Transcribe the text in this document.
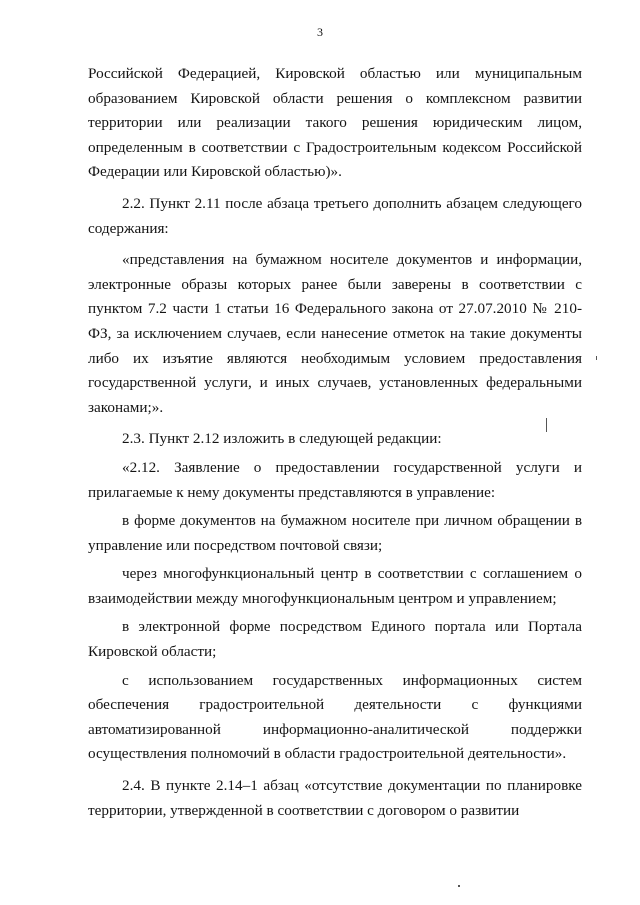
3

Российской Федерацией, Кировской областью или муниципальным образованием Кировской области решения о комплексном развитии территории или реализации такого решения юридическим лицом, определенным в соответствии с Градостроительным кодексом Российской Федерации или Кировской областью)».

2.2. Пункт 2.11 после абзаца третьего дополнить абзацем следующего содержания:

«представления на бумажном носителе документов и информации, электронные образы которых ранее были заверены в соответствии с пунктом 7.2 части 1 статьи 16 Федерального закона от 27.07.2010 № 210-ФЗ, за исключением случаев, если нанесение отметок на такие документы либо их изъятие являются необходимым условием предоставления государственной услуги, и иных случаев, установленных федеральными законами;».

2.3. Пункт 2.12 изложить в следующей редакции:

«2.12. Заявление о предоставлении государственной услуги и прилагаемые к нему документы представляются в управление:

в форме документов на бумажном носителе при личном обращении в управление или посредством почтовой связи;

через многофункциональный центр в соответствии с соглашением о взаимодействии между многофункциональным центром и управлением;

в электронной форме посредством Единого портала или Портала Кировской области;

с использованием государственных информационных систем обеспечения градостроительной деятельности с функциями автоматизированной информационно-аналитической поддержки осуществления полномочий в области градостроительной деятельности».

2.4. В пункте 2.14–1 абзац «отсутствие документации по планировке территории, утвержденной в соответствии с договором о развитии
